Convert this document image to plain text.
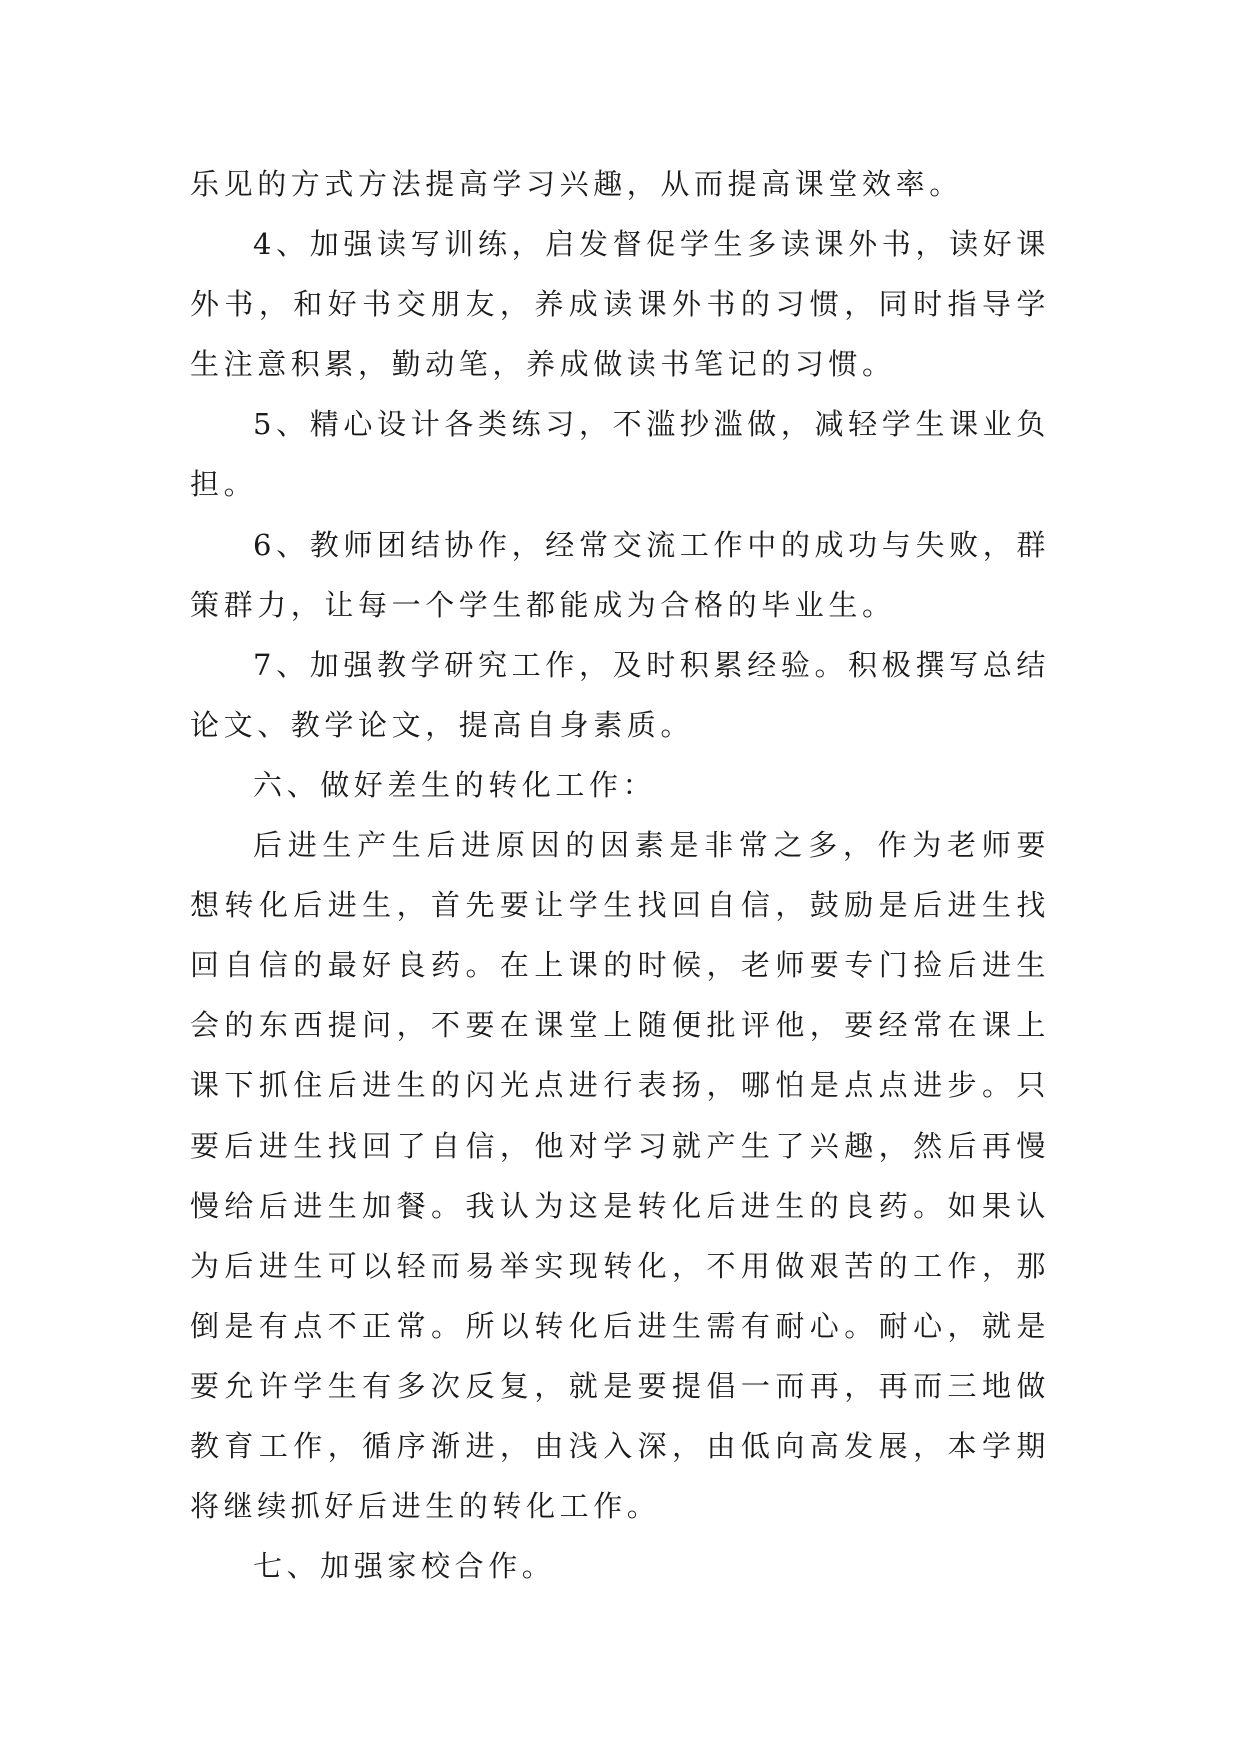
乐见的方式方法提高学习兴趣，从而提高课堂效率。

4、加强读写训练，启发督促学生多读课外书，读好课外书，和好书交朋友，养成读课外书的习惯，同时指导学生注意积累，勤动笔，养成做读书笔记的习惯。

5、精心设计各类练习，不滥抄滥做，减轻学生课业负担。

6、教师团结协作，经常交流工作中的成功与失败，群策群力，让每一个学生都能成为合格的毕业生。

7、加强教学研究工作，及时积累经验。积极撰写总结论文、教学论文，提高自身素质。

六、做好差生的转化工作：

后进生产生后进原因的因素是非常之多，作为老师要想转化后进生，首先要让学生找回自信，鼓励是后进生找回自信的最好良药。在上课的时候，老师要专门捡后进生会的东西提问，不要在课堂上随便批评他，要经常在课上课下抓住后进生的闪光点进行表扬，哪怕是点点进步。只要后进生找回了自信，他对学习就产生了兴趣，然后再慢慢给后进生加餐。我认为这是转化后进生的良药。如果认为后进生可以轻而易举实现转化，不用做艰苦的工作，那倒是有点不正常。所以转化后进生需有耐心。耐心，就是要允许学生有多次反复，就是要提倡一而再，再而三地做教育工作，循序渐进，由浅入深，由低向高发展，本学期将继续抓好后进生的转化工作。

七、加强家校合作。
